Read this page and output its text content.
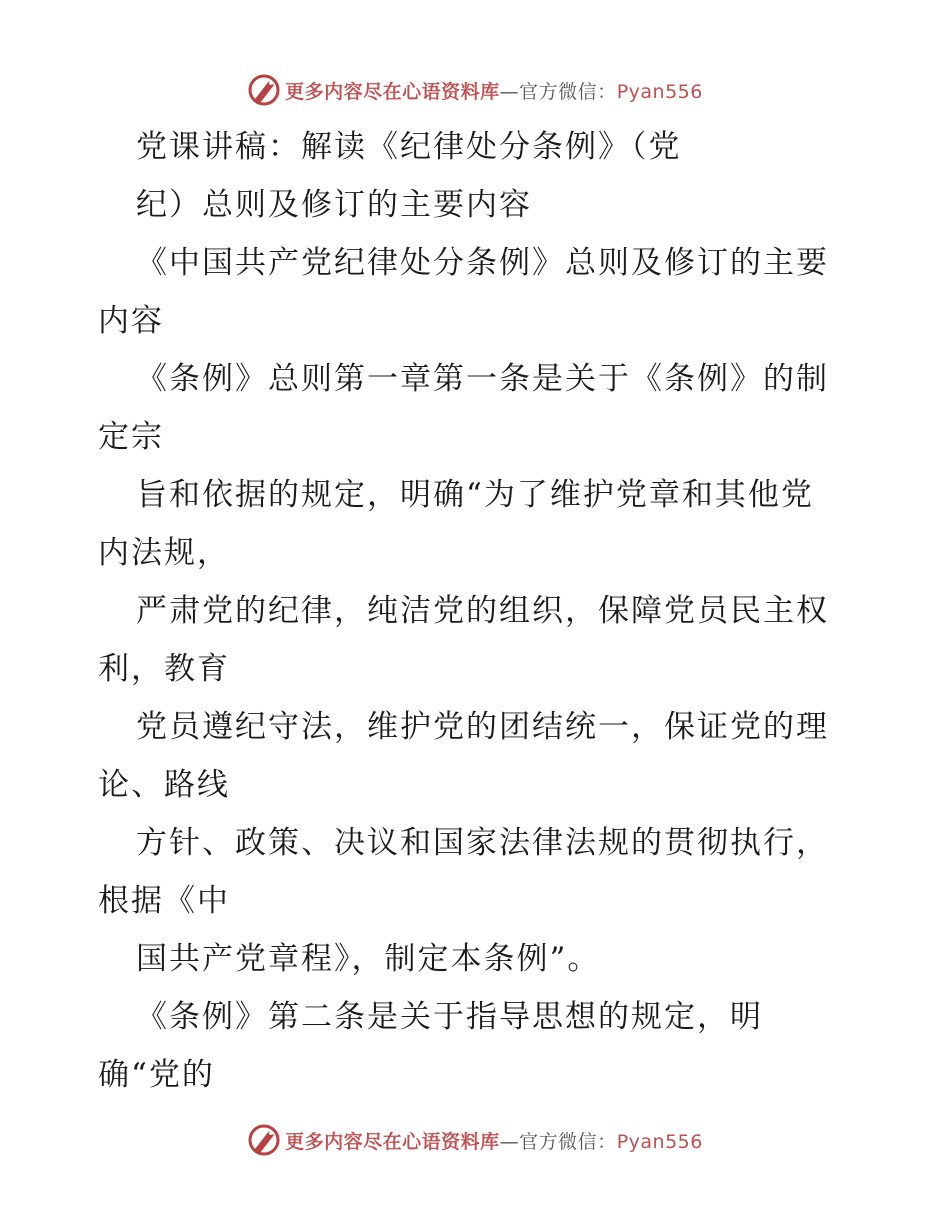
更多内容尽在心语资料库—官方微信：Pyan556

党课讲稿：解读《纪律处分条例》（党

纪）总则及修订的主要内容

《中国共产党纪律处分条例》总则及修订的主要

内容

《条例》总则第一章第一条是关于《条例》的制

定宗

旨和依据的规定，明确“为了维护党章和其他党

内法规，

严肃党的纪律，纯洁党的组织，保障党员民主权

利，教育

党员遵纪守法，维护党的团结统一，保证党的理

论、路线

方针、政策、决议和国家法律法规的贯彻执行，

根据《中

国共产党章程》，制定本条例”。

《条例》第二条是关于指导思想的规定，明

确“党的

更多内容尽在心语资料库—官方微信：Pyan556
